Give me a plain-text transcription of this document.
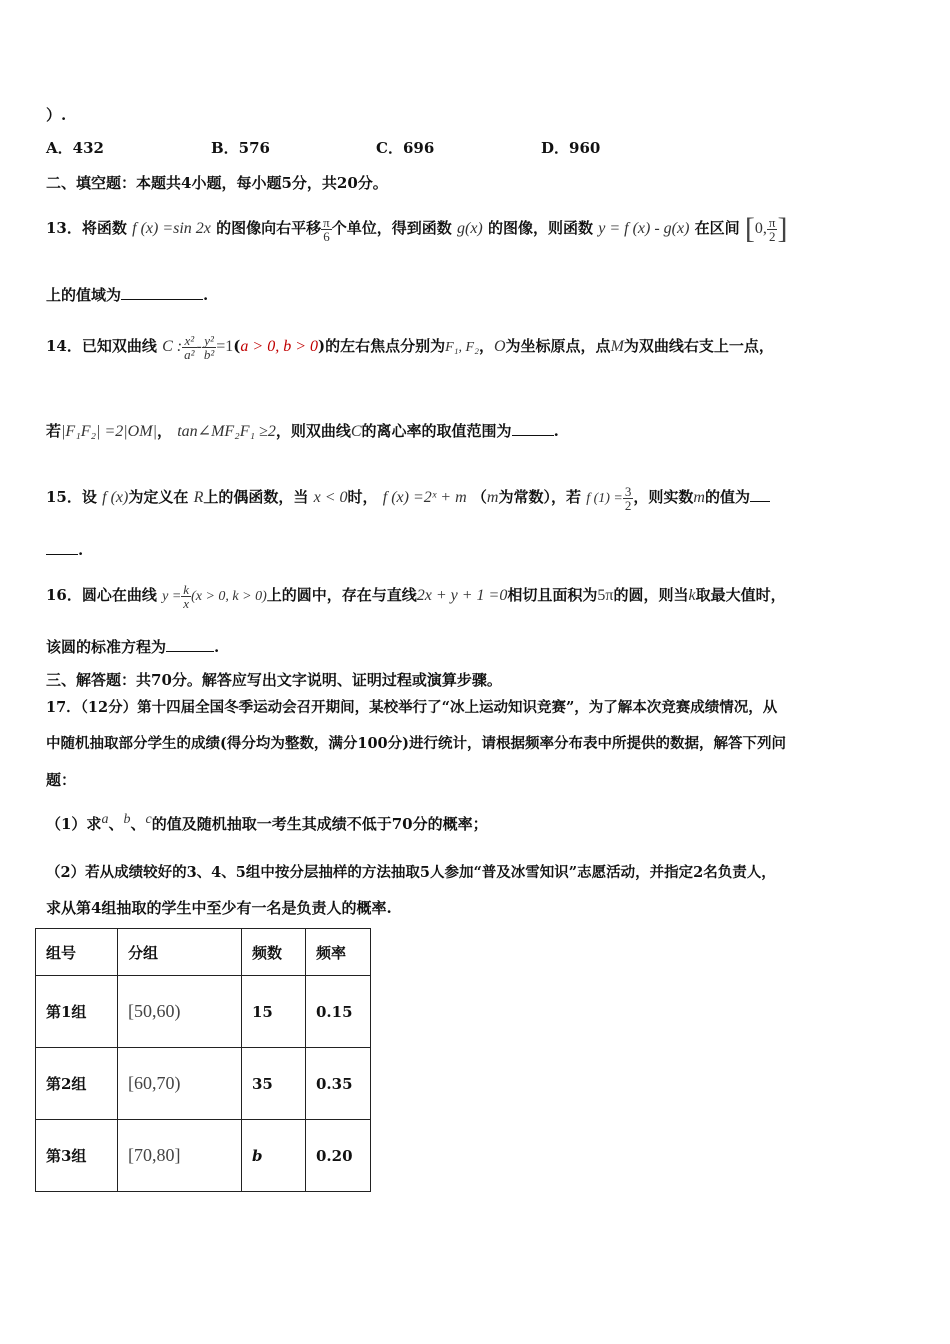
）.
A．432	B．576	C．696	D．960
二、填空题：本题共4小题，每小题5分，共20分。
13．将函数 f (x) =sin 2x 的图像向右平移 $\frac{\pi}{6}$ 个单位，得到函数 g(x) 的图像，则函数 y = f (x) - g(x) 在区间 [0, $\frac{\pi}{2}$ ]
上的值域为	.
14．已知双曲线 C : $\frac{\text{x²}}{\text{a²}} - \frac{\text{y²}}{\text{b²}} =1(a > 0$, b > 0)的左右焦点分别为F₁, F₂，O为坐标原点，点M为双曲线右支上一点，
若|F₁F₂| =2|OM|， tan∠MF₂F₁ ≥2，则双曲线C的离心率的取值范围为	.
15．设 f (x)为定义在 R上的偶函数，当 x < 0时， f (x) =2ˣ + m （m为常数），若 f $(1) = \frac{3}{2}$ ，则实数m的值为
.
16．圆心在曲线 $y = \frac{k}{x} (x > 0$, k > 0)上的圆中，存在与直线2x + y + 1 =0相切且面积为5π的圆，则当k取最大值时，
该圆的标准方程为	.
三、解答题：共70分。解答应写出文字说明、证明过程或演算步骤。
17．（12分）第十四届全国冬季运动会召开期间，某校举行了“冰上运动知识竞赛”，为了解本次竞赛成绩情况，从
中随机抽取部分学生的成绩(得分均为整数，满分100分)进行统计，请根据频率分布表中所提供的数据，解答下列问
题：
（1）求a、b、c的值及随机抽取一考生其成绩不低于70分的概率；
（2）若从成绩较好的3、4、5组中按分层抽样的方法抽取5人参加“普及冰雪知识”志愿活动，并指定2名负责人，
求从第4组抽取的学生中至少有一名是负责人的概率.
组号	分组	频数	频率
第1组	[50,60)	15	0.15
第2组	[60,70)	35	0.35
第3组	[70,80]	b	0.20
